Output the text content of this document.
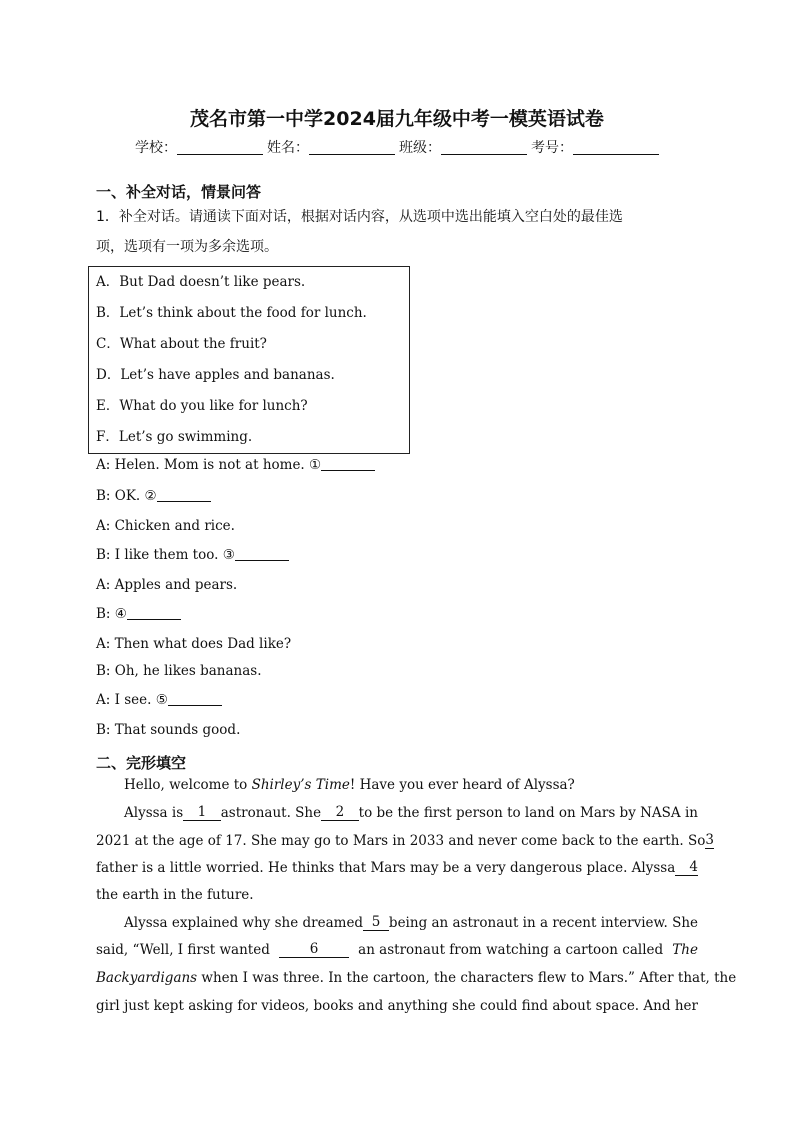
茂名市第一中学2024届九年级中考一模英语试卷
学校：	姓名：	班级：	考号：
一、补全对话，情景问答
1．补全对话。请通读下面对话，根据对话内容，从选项中选出能填入空白处的最佳选
项，选项有一项为多余选项。
A．But Dad doesn’t like pears.
B．Let’s think about the food for lunch.
C．What about the fruit?
D．Let’s have apples and bananas.
E．What do you like for lunch?
F．Let’s go swimming.
A: Helen. Mom is not at home. ①
B: OK. ②
A: Chicken and rice.
B: I like them too. ③
A: Apples and pears.
B: ④
A: Then what does Dad like?
B: Oh, he likes bananas.
A: I see. ⑤
B: That sounds good.
二、完形填空
Hello, welcome to Shirley’s Time! Have you ever heard of Alyssa?
Alyssa is	1	astronaut. She	2	to be the first person to land on Mars by NASA in
2021 at the age of 17. She may go to Mars in 2033 and never come back to the earth. So 3
father is a little worried. He thinks that Mars may be a very dangerous place. Alyssa	4
the earth in the future.
Alyssa explained why she dreamed 5 being an astronaut in a recent interview. She
said, “Well, I first wanted	6	an astronaut from watching a cartoon called The
Backyardigans when I was three. In the cartoon, the characters flew to Mars.” After that, the
girl just kept asking for videos, books and anything she could find about space. And her
